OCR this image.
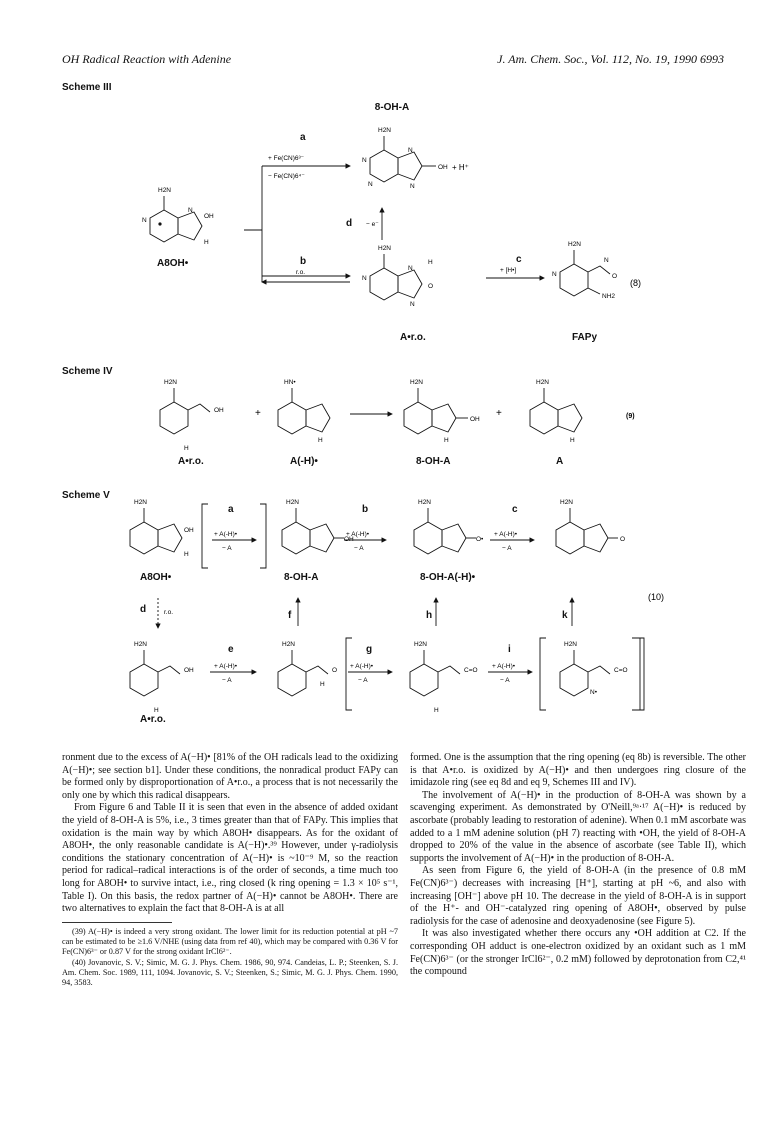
OH Radical Reaction with Adenine	J. Am. Chem. Soc., Vol. 112, No. 19, 1990 6993
Scheme III
Scheme IV
Scheme V
8-OH-A
H2N
N
N
N
N
OH + H⁺
H2N
N
N
OH
H
A8OH•
a
+ Fe(CN)6³⁻
− Fe(CN)6⁴⁻
b
r.o.
d − e⁻
H2N
N
N
H
O
N
A•r.o.
c
+ [H•]
H2N
N
N
O
NH2
(8)
FAPy
H2N
OH
H
+
HN•
H
H2N
OH
H
+
H2N
H
(9)
A•r.o.	A(-H)•	8-OH-A	A
H2N
OH
H
a
+ A(-H)•
− A
H2N
OH
b
+ A(-H)•
− A
H2N
O•
c
+ A(-H)•
− A
H2N
O
A8OH•	8-OH-A	8-OH-A(-H)•
(10)
d	r.o.	f	h	k
H2N
OH
H
A•r.o.
e
+ A(-H)•
− A
H2N
O
H
g
+ A(-H)•
− A
H2N
C=O
H
i
+ A(-H)•
− A
H2N
C=O
N•

ronment due to the excess of A(−H)• [81% of the OH radicals lead to the oxidizing A(−H)•; see section b1]. Under these conditions, the nonradical product FAPy can be formed only by disproportionation of A•r.o., a process that is not necessarily the only one by which this radical disappears.

From Figure 6 and Table II it is seen that even in the absence of added oxidant the yield of 8-OH-A is 5%, i.e., 3 times greater than that of FAPy. This implies that oxidation is the main way by which A8OH• disappears. As for the oxidant of A8OH•, the only reasonable candidate is A(−H)•.³⁹ However, under γ-radiolysis conditions the stationary concentration of A(−H)• is ~10⁻⁹ M, so the reaction period for radical–radical interactions is of the order of seconds, a time much too long for A8OH• to survive intact, i.e., ring closed (k ring opening = 1.3 × 10⁵ s⁻¹, Table I). On this basis, the redox partner of A(−H)• cannot be A8OH•. There are two alternatives to explain the fact that 8-OH-A is at all

(39) A(−H)• is indeed a very strong oxidant. The lower limit for its reduction potential at pH ~7 can be estimated to be ≥1.6 V/NHE (using data from ref 40), which may be compared with 0.36 V for Fe(CN)6³⁻ or 0.87 V for the strong oxidant IrCl6²⁻.

(40) Jovanovic, S. V.; Simic, M. G. J. Phys. Chem. 1986, 90, 974. Candeias, L. P.; Steenken, S. J. Am. Chem. Soc. 1989, 111, 1094. Jovanovic, S. V.; Steenken, S.; Simic, M. G. J. Phys. Chem. 1990, 94, 3583.

formed. One is the assumption that the ring opening (eq 8b) is reversible. The other is that A•r.o. is oxidized by A(−H)• and then undergoes ring closure of the imidazole ring (see eq 8d and eq 9, Schemes III and IV).

The involvement of A(−H)• in the production of 8-OH-A was shown by a scavenging experiment. As demonstrated by O'Neill,⁹ᵃ·¹⁷ A(−H)• is reduced by ascorbate (probably leading to restoration of adenine). When 0.1 mM ascorbate was added to a 1 mM adenine solution (pH 7) reacting with •OH, the yield of 8-OH-A dropped to 20% of the value in the absence of ascorbate (see Table II), which supports the involvement of A(−H)• in the production of 8-OH-A.

As seen from Figure 6, the yield of 8-OH-A (in the presence of 0.8 mM Fe(CN)6³⁻) decreases with increasing [H⁺], starting at pH ~6, and also with increasing [OH⁻] above pH 10. The decrease in the yield of 8-OH-A is in support of the H⁺- and OH⁻-catalyzed ring opening of A8OH•, observed by pulse radiolysis for the case of adenosine and deoxyadenosine (see Figure 5).

It was also investigated whether there occurs any •OH addition at C2. If the corresponding OH adduct is one-electron oxidized by an oxidant such as 1 mM Fe(CN)6³⁻ (or the stronger IrCl6²⁻, 0.2 mM) followed by deprotonation from C2,⁴¹ the compound
